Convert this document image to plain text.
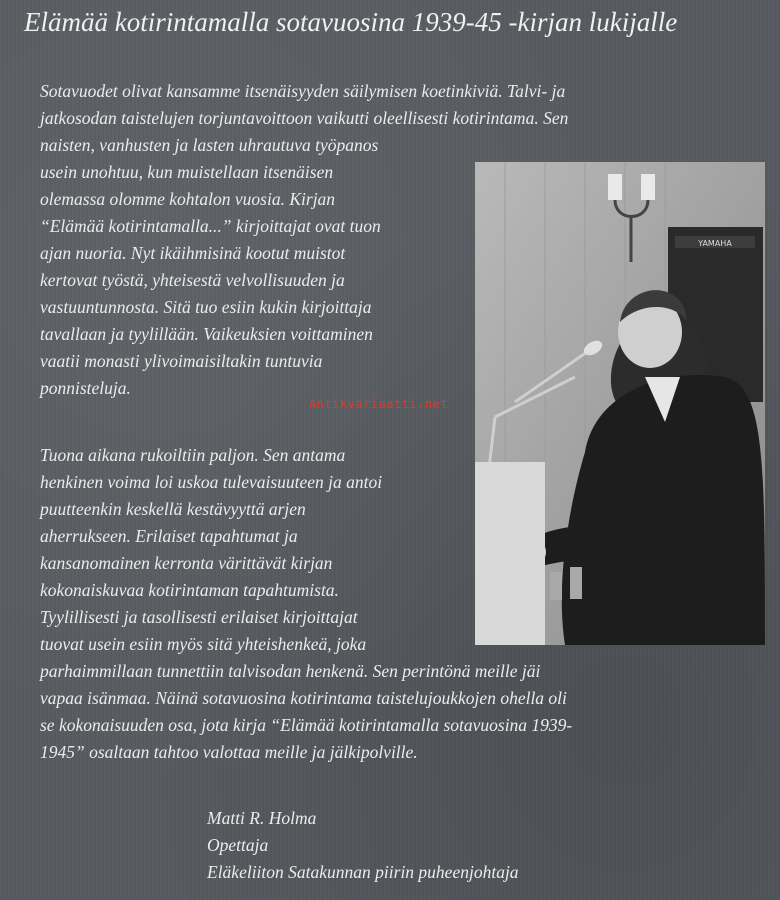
Elämää kotirintamalla sotavuosina 1939-45 -kirjan lukijalle
Sotavuodet olivat kansamme itsenäisyyden säilymisen koetinkiviä. Talvi- ja
jatkosodan taistelujen torjuntavoittoon vaikutti oleellisesti kotirintama. Sen
naisten, vanhusten ja lasten uhrautuva työpanos
usein unohtuu, kun muistellaan itsenäisen
olemassa olomme kohtalon vuosia. Kirjan
“Elämää kotirintamalla...” kirjoittajat ovat tuon
ajan nuoria. Nyt ikäihmisinä kootut muistot
kertovat työstä, yhteisestä velvollisuuden ja
vastuuntunnosta. Sitä tuo esiin kukin kirjoittaja
tavallaan ja tyylillään. Vaikeuksien voittaminen
vaatii monasti ylivoimaisiltakin tuntuvia
ponnisteluja.
YAMAHA
Antikvariaatti.net
Tuona aikana rukoiltiin paljon. Sen antama
henkinen voima loi uskoa tulevaisuuteen ja antoi
puutteenkin keskellä kestävyyttä arjen
aherrukseen. Erilaiset tapahtumat ja
kansanomainen kerronta värittävät kirjan
kokonaiskuvaa kotirintaman tapahtumista.
Tyylillisesti ja tasollisesti erilaiset kirjoittajat
tuovat usein esiin myös sitä yhteishenkeä, joka
parhaimmillaan tunnettiin talvisodan henkenä. Sen perintönä meille jäi
vapaa isänmaa. Näinä sotavuosina kotirintama taistelujoukkojen ohella oli
se kokonaisuuden osa, jota kirja “Elämää kotirintamalla sotavuosina 1939-
1945” osaltaan tahtoo valottaa meille ja jälkipolville.
Matti R. Holma
Opettaja
Eläkeliiton Satakunnan piirin puheenjohtaja
